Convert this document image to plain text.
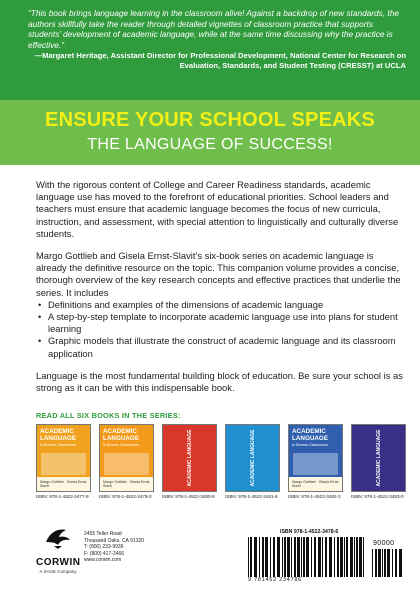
“This book brings language learning in the classroom alive! Against a backdrop of new standards, the authors skillfully take the reader through detailed vignettes of classroom practice that supports students’ development of academic language, while at the same time discussing why the practice is effective.”

—Margaret Heritage, Assistant Director for Professional Development, National Center for Research on Evaluation, Standards, and Student Testing (CRESST) at UCLA

ENSURE YOUR SCHOOL SPEAKS
THE LANGUAGE OF SUCCESS!

With the rigorous content of College and Career Readiness standards, academic language use has moved to the forefront of educational priorities. School leaders and teachers must ensure that academic language becomes the focus of new curricula, instruction, and assessment, with special attention to linguistically and culturally diverse students.

Margo Gottlieb and Gisela Ernst-Slavit’s six-book series on academic language is already the definitive resource on the topic. This companion volume provides a concise, thorough overview of the key research concepts and effective practices that underlie the series. It includes

• Definitions and examples of the dimensions of academic language
• A step-by-step template to incorporate academic language use into plans for student learning
• Graphic models that illustrate the construct of academic language and its classroom application

Language is the most fundamental building block of education. Be sure your school is as strong as it can be with this indispensable book.

READ ALL SIX BOOKS IN THE SERIES:
ACADEMIC
LANGUAGE
in Diverse Classrooms
Margo Gottlieb · Gisela Ernst-Slavit
ISBN: 978-1-4522-3477-9
ACADEMIC
LANGUAGE
in Diverse Classrooms
Margo Gottlieb · Gisela Ernst-Slavit
ISBN: 978-1-4522-3479-3
ACADEMIC LANGUAGE
ISBN: 978-1-4522-3480-9
ACADEMIC LANGUAGE
ISBN: 978-1-4522-3481-6
ACADEMIC
LANGUAGE
in Diverse Classrooms
Margo Gottlieb · Gisela Ernst-Slavit
ISBN: 978-1-4522-3482-3
ACADEMIC LANGUAGE
ISBN: 978-1-4522-3483-0
CORWIN
A SAGE Company
2455 Teller Road
Thousand Oaks, CA 91320
T: (800) 233-9936
F: (800) 417-2466
www.corwin.com
ISBN 978-1-4522-3478-6
90000
9 781452 234786
